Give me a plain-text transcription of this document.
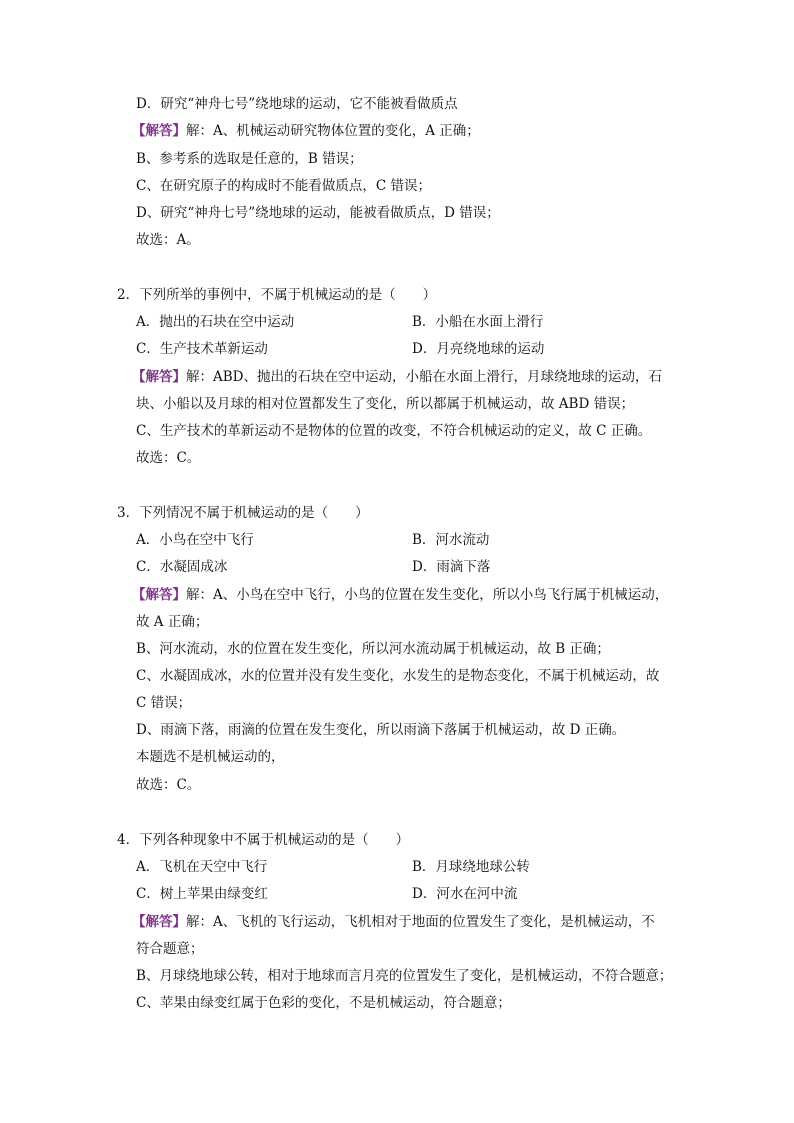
D．研究“神舟七号”绕地球的运动，它不能被看做质点
【解答】解：A、机械运动研究物体位置的变化，A 正确；
B、参考系的选取是任意的，B 错误；
C、在研究原子的构成时不能看做质点，C 错误；
D、研究“神舟七号”绕地球的运动，能被看做质点，D 错误；
故选：A。
2．下列所举的事例中，不属于机械运动的是（　　）
A．抛出的石块在空中运动	B．小船在水面上滑行
C．生产技术革新运动	D．月亮绕地球的运动
【解答】解：ABD、抛出的石块在空中运动，小船在水面上滑行，月球绕地球的运动，石
块、小船以及月球的相对位置都发生了变化，所以都属于机械运动，故 ABD 错误；
C、生产技术的革新运动不是物体的位置的改变，不符合机械运动的定义，故 C 正确。
故选：C。
3．下列情况不属于机械运动的是（　　）
A．小鸟在空中飞行	B．河水流动
C．水凝固成冰	D．雨滴下落
【解答】解：A、小鸟在空中飞行，小鸟的位置在发生变化，所以小鸟飞行属于机械运动，
故 A 正确；
B、河水流动，水的位置在发生变化，所以河水流动属于机械运动，故 B 正确；
C、水凝固成冰，水的位置并没有发生变化，水发生的是物态变化，不属于机械运动，故
C 错误；
D、雨滴下落，雨滴的位置在发生变化，所以雨滴下落属于机械运动，故 D 正确。
本题选不是机械运动的，
故选：C。
4．下列各种现象中不属于机械运动的是（　　）
A．飞机在天空中飞行	B．月球绕地球公转
C．树上苹果由绿变红	D．河水在河中流
【解答】解：A、飞机的飞行运动，飞机相对于地面的位置发生了变化，是机械运动，不
符合题意；
B、月球绕地球公转，相对于地球而言月亮的位置发生了变化，是机械运动，不符合题意；
C、苹果由绿变红属于色彩的变化，不是机械运动，符合题意；
